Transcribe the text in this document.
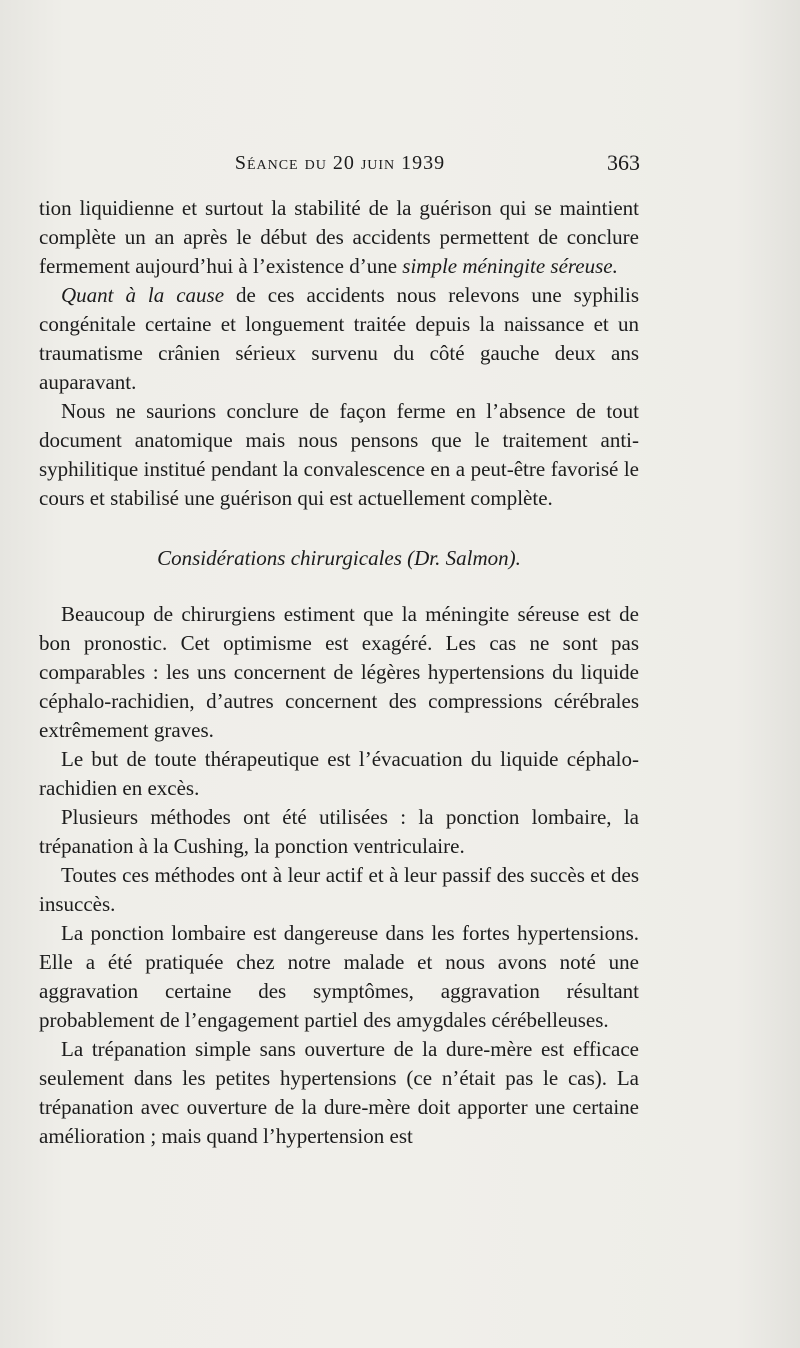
Séance du 20 juin 1939	363

tion liquidienne et surtout la stabilité de la guérison qui se maintient complète un an après le début des accidents permettent de conclure fermement aujourd’hui à l’existence d’une simple méningite séreuse.

Quant à la cause de ces accidents nous relevons une syphilis congénitale certaine et longuement traitée depuis la naissance et un traumatisme crânien sérieux survenu du côté gauche deux ans auparavant.

Nous ne saurions conclure de façon ferme en l’absence de tout document anatomique mais nous pensons que le traitement anti-syphilitique institué pendant la convalescence en a peut-être favorisé le cours et stabilisé une guérison qui est actuellement complète.

Considérations chirurgicales (Dr. Salmon).

Beaucoup de chirurgiens estiment que la méningite séreuse est de bon pronostic. Cet optimisme est exagéré. Les cas ne sont pas comparables : les uns concernent de légères hypertensions du liquide céphalo-rachidien, d’autres concernent des compressions cérébrales extrêmement graves.

Le but de toute thérapeutique est l’évacuation du liquide céphalo-rachidien en excès.

Plusieurs méthodes ont été utilisées : la ponction lombaire, la trépanation à la Cushing, la ponction ventriculaire.

Toutes ces méthodes ont à leur actif et à leur passif des succès et des insuccès.

La ponction lombaire est dangereuse dans les fortes hypertensions. Elle a été pratiquée chez notre malade et nous avons noté une aggravation certaine des symptômes, aggravation résultant probablement de l’engagement partiel des amygdales cérébelleuses.

La trépanation simple sans ouverture de la dure-mère est efficace seulement dans les petites hypertensions (ce n’était pas le cas). La trépanation avec ouverture de la dure-mère doit apporter une certaine amélioration ; mais quand l’hypertension est
